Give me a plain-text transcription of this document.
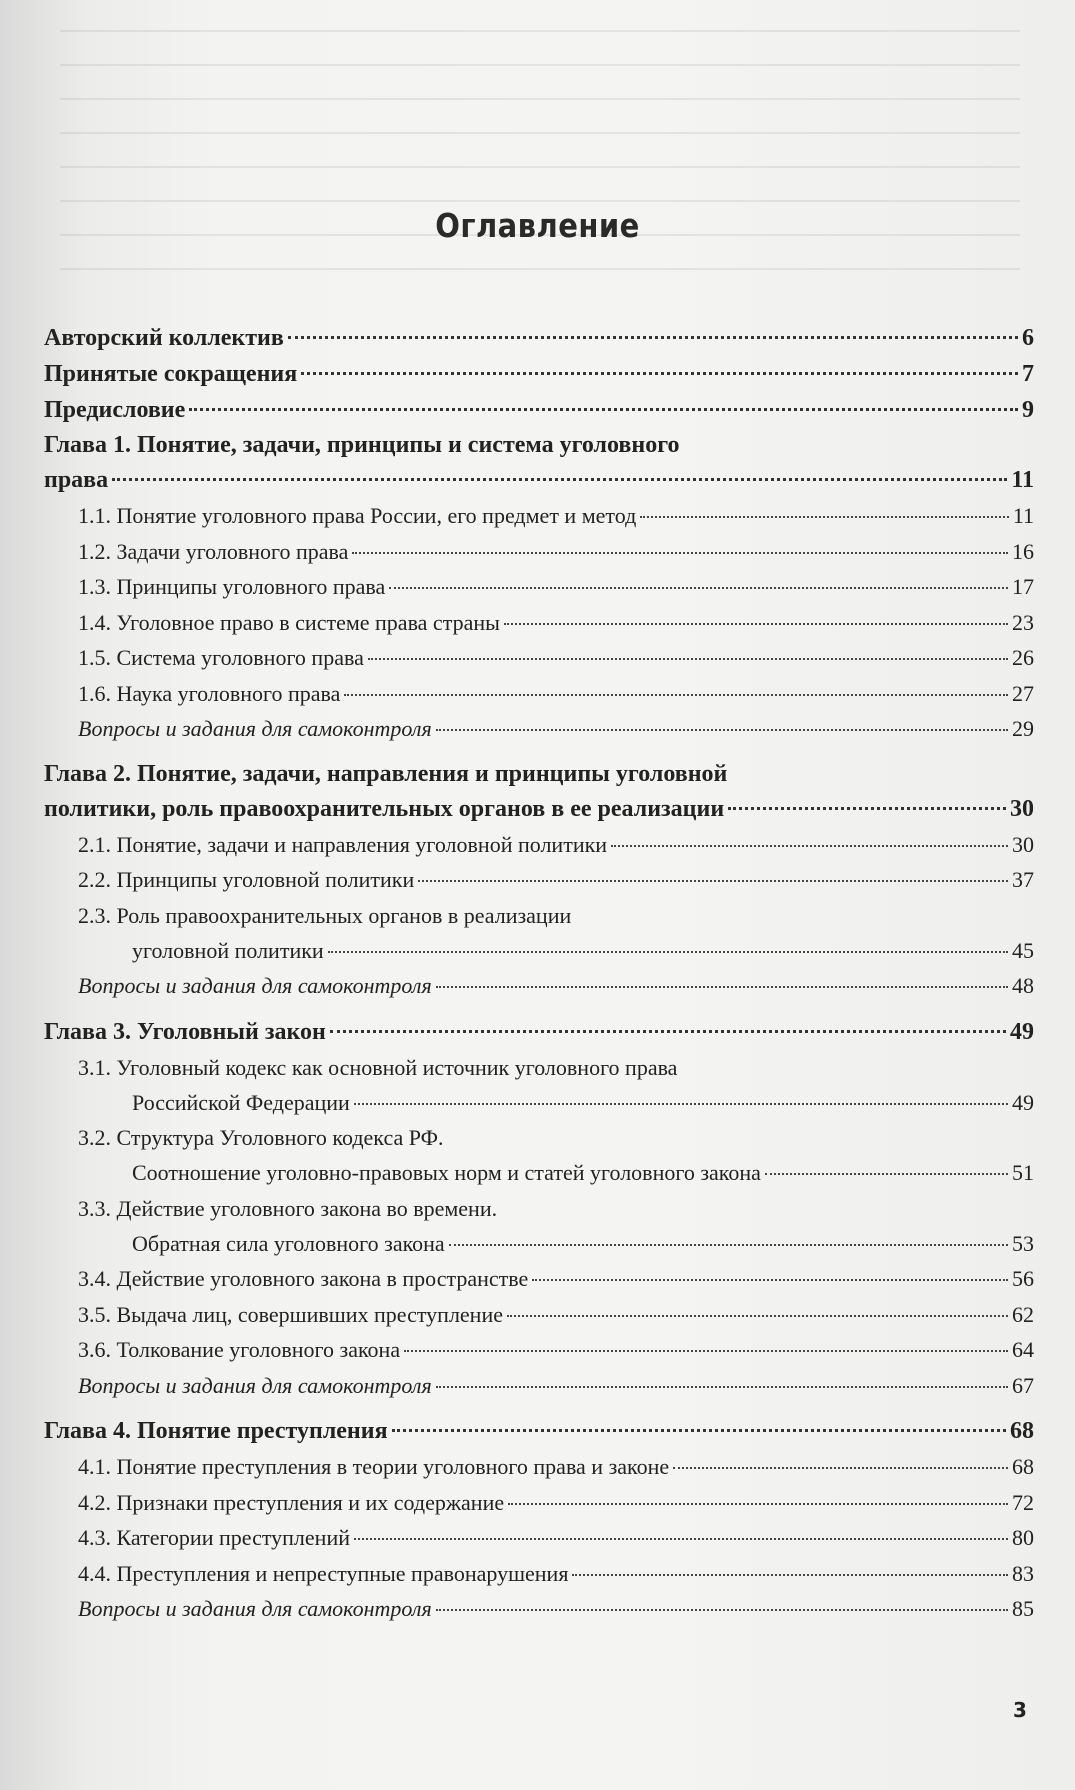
Оглавление
Авторский коллектив	6
Принятые сокращения	7
Предисловие	9
Глава 1. Понятие, задачи, принципы и система уголовного
права	11
1.1. Понятие уголовного права России, его предмет и метод	11
1.2. Задачи уголовного права	16
1.3. Принципы уголовного права	17
1.4. Уголовное право в системе права страны	23
1.5. Система уголовного права	26
1.6. Наука уголовного права	27
Вопросы и задания для самоконтроля	29
Глава 2. Понятие, задачи, направления и принципы уголовной
политики, роль правоохранительных органов в ее реализации	30
2.1. Понятие, задачи и направления уголовной политики	30
2.2. Принципы уголовной политики	37
2.3. Роль правоохранительных органов в реализации
уголовной политики	45
Вопросы и задания для самоконтроля	48
Глава 3. Уголовный закон	49
3.1. Уголовный кодекс как основной источник уголовного права
Российской Федерации	49
3.2. Структура Уголовного кодекса РФ.
Соотношение уголовно-правовых норм и статей уголовного закона	51
3.3. Действие уголовного закона во времени.
Обратная сила уголовного закона	53
3.4. Действие уголовного закона в пространстве	56
3.5. Выдача лиц, совершивших преступление	62
3.6. Толкование уголовного закона	64
Вопросы и задания для самоконтроля	67
Глава 4. Понятие преступления	68
4.1. Понятие преступления в теории уголовного права и законе	68
4.2. Признаки преступления и их содержание	72
4.3. Категории преступлений	80
4.4. Преступления и непреступные правонарушения	83
Вопросы и задания для самоконтроля	85
3
